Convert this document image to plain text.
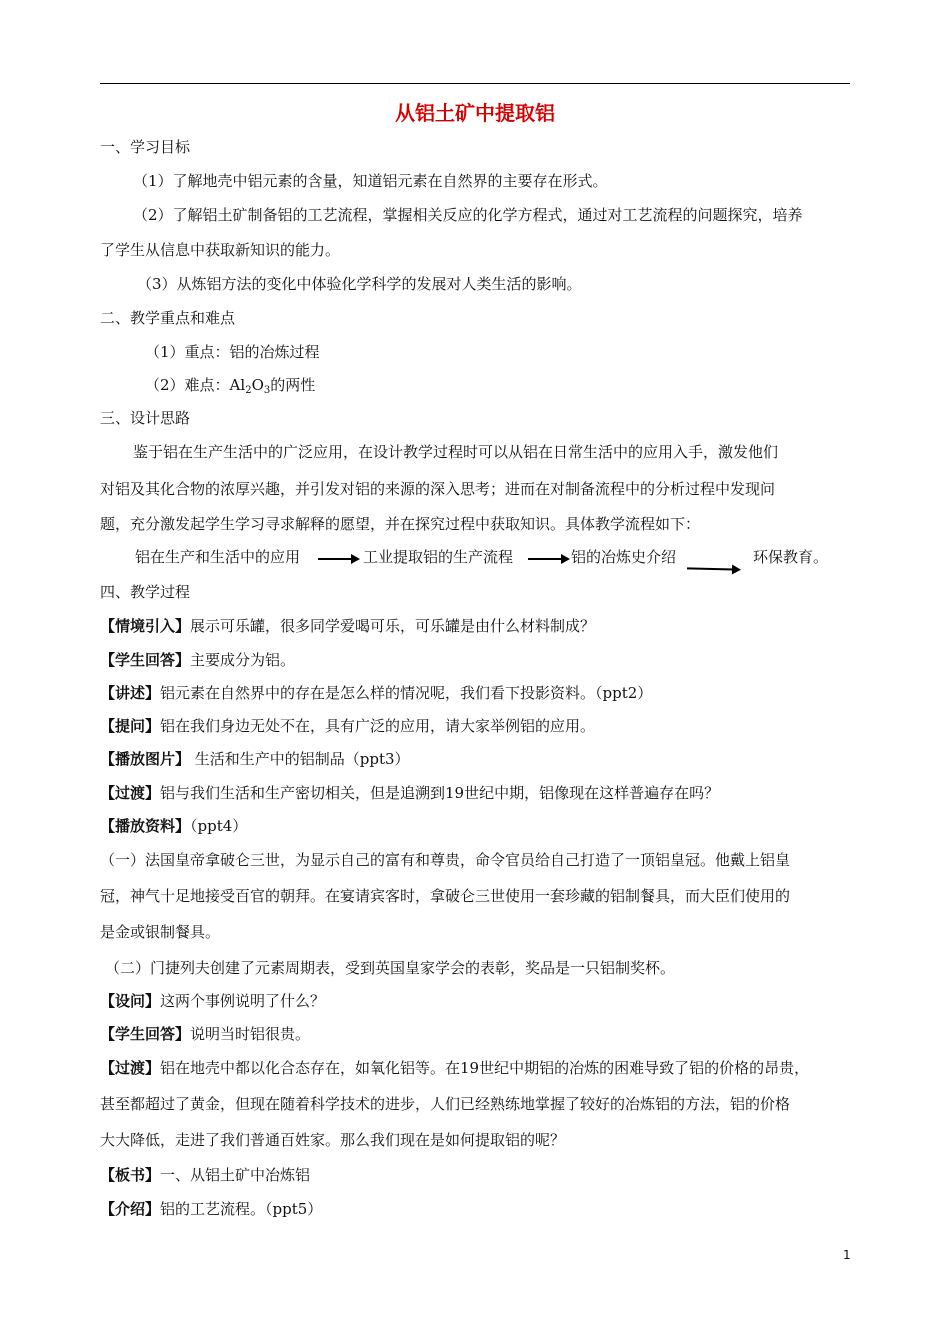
从铝土矿中提取铝
一、学习目标
（1）了解地壳中铝元素的含量，知道铝元素在自然界的主要存在形式。
（2）了解铝土矿制备铝的工艺流程，掌握相关反应的化学方程式，通过对工艺流程的问题探究，培养
了学生从信息中获取新知识的能力。
（3）从炼铝方法的变化中体验化学科学的发展对人类生活的影响。
二、教学重点和难点
（1）重点：铝的冶炼过程
（2）难点：$Al_2O_3$的两性
三、设计思路
鉴于铝在生产生活中的广泛应用，在设计教学过程时可以从铝在日常生活中的应用入手，激发他们
对铝及其化合物的浓厚兴趣，并引发对铝的来源的深入思考；进而在对制备流程中的分析过程中发现问
题，充分激发起学生学习寻求解释的愿望，并在探究过程中获取知识。具体教学流程如下：
铝在生产和生活中的应用	工业提取铝的生产流程	铝的冶炼史介绍	环保教育。
四、教学过程
【情境引入】展示可乐罐，很多同学爱喝可乐，可乐罐是由什么材料制成？
【学生回答】主要成分为铝。
【讲述】铝元素在自然界中的存在是怎么样的情况呢，我们看下投影资料。（ppt2）
【提问】铝在我们身边无处不在，具有广泛的应用，请大家举例铝的应用。
【播放图片】 生活和生产中的铝制品（ppt3）
【过渡】铝与我们生活和生产密切相关，但是追溯到19世纪中期，铝像现在这样普遍存在吗？
【播放资料】（ppt4）
（一）法国皇帝拿破仑三世，为显示自己的富有和尊贵，命令官员给自己打造了一顶铝皇冠。他戴上铝皇
冠，神气十足地接受百官的朝拜。在宴请宾客时，拿破仑三世使用一套珍藏的铝制餐具，而大臣们使用的
是金或银制餐具。
（二）门捷列夫创建了元素周期表，受到英国皇家学会的表彰，奖品是一只铝制奖杯。
【设问】这两个事例说明了什么？
【学生回答】说明当时铝很贵。
【过渡】铝在地壳中都以化合态存在，如氧化铝等。在19世纪中期铝的冶炼的困难导致了铝的价格的昂贵，
甚至都超过了黄金，但现在随着科学技术的进步，人们已经熟练地掌握了较好的冶炼铝的方法，铝的价格
大大降低，走进了我们普通百姓家。那么我们现在是如何提取铝的呢？
【板书】一、从铝土矿中冶炼铝
【介绍】铝的工艺流程。（ppt5）
1
